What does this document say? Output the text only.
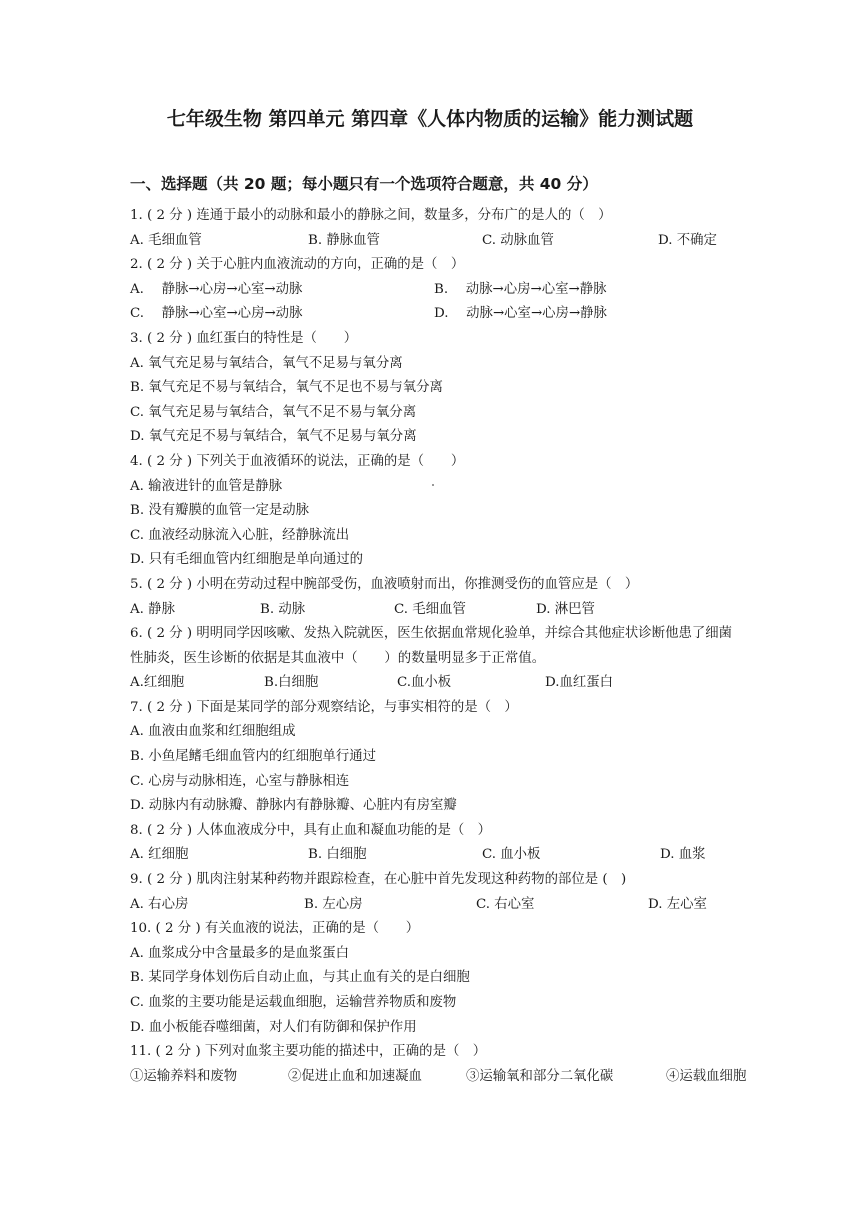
七年级生物 第四单元 第四章《人体内物质的运输》能力测试题
一、选择题（共 20 题；每小题只有一个选项符合题意，共 40 分）
1. ( 2 分 ) 连通于最小的动脉和最小的静脉之间，数量多，分布广的是人的（　）
A. 毛细血管	B. 静脉血管	C. 动脉血管	D. 不确定
2. ( 2 分 ) 关于心脏内血液流动的方向，正确的是（　）
A.　 静脉→心房→心室→动脉	B.　 动脉→心房→心室→静脉
C.　 静脉→心室→心房→动脉	D.　 动脉→心室→心房→静脉
3. ( 2 分 ) 血红蛋白的特性是（　　）
A. 氧气充足易与氧结合，氧气不足易与氧分离
B. 氧气充足不易与氧结合，氧气不足也不易与氧分离
C. 氧气充足易与氧结合，氧气不足不易与氧分离
D. 氧气充足不易与氧结合，氧气不足易与氧分离
4. ( 2 分 ) 下列关于血液循环的说法，正确的是（　　）
A. 输液进针的血管是静脉
B. 没有瓣膜的血管一定是动脉
C. 血液经动脉流入心脏，经静脉流出
D. 只有毛细血管内红细胞是单向通过的
5. ( 2 分 ) 小明在劳动过程中腕部受伤，血液喷射而出，你推测受伤的血管应是（　）
A. 静脉	B. 动脉	C. 毛细血管	D. 淋巴管
6. ( 2 分 ) 明明同学因咳嗽、发热入院就医，医生依据血常规化验单，并综合其他症状诊断他患了细菌性肺炎，医生诊断的依据是其血液中（　　）的数量明显多于正常值。
A.红细胞	B.白细胞	C.血小板	D.血红蛋白
7. ( 2 分 ) 下面是某同学的部分观察结论，与事实相符的是（　）
A. 血液由血浆和红细胞组成
B. 小鱼尾鳍毛细血管内的红细胞单行通过
C. 心房与动脉相连，心室与静脉相连
D. 动脉内有动脉瓣、静脉内有静脉瓣、心脏内有房室瓣
8. ( 2 分 ) 人体血液成分中，具有止血和凝血功能的是（　）
A. 红细胞	B. 白细胞	C. 血小板	D. 血浆
9. ( 2 分 ) 肌肉注射某种药物并跟踪检查，在心脏中首先发现这种药物的部位是 (　)
A. 右心房	B. 左心房	C. 右心室	D. 左心室
10. ( 2 分 ) 有关血液的说法，正确的是（　　）
A. 血浆成分中含量最多的是血浆蛋白
B. 某同学身体划伤后自动止血，与其止血有关的是白细胞
C. 血浆的主要功能是运载血细胞，运输营养物质和废物
D. 血小板能吞噬细菌，对人们有防御和保护作用
11. ( 2 分 ) 下列对血浆主要功能的描述中，正确的是（　）
①运输养料和废物	②促进止血和加速凝血	③运输氧和部分二氧化碳	④运载血细胞
